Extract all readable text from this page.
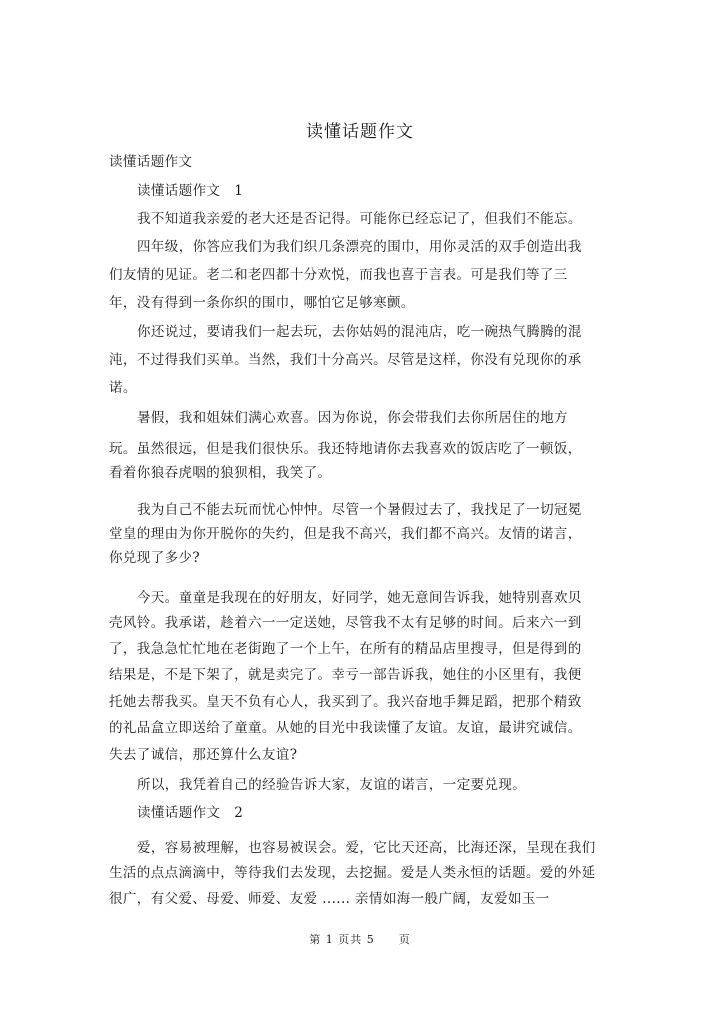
读懂话题作文
读懂话题作文
读懂话题作文　1
我不知道我亲爱的老大还是否记得。可能你已经忘记了，但我们不能忘。
四年级，你答应我们为我们织几条漂亮的围巾，用你灵活的双手创造出我
们友情的见证。老二和老四都十分欢悦，而我也喜于言表。可是我们等了三
年，没有得到一条你织的围巾，哪怕它足够寒颤。
你还说过，要请我们一起去玩，去你姑妈的混沌店，吃一碗热气腾腾的混
沌，不过得我们买单。当然，我们十分高兴。尽管是这样，你没有兑现你的承
诺。
暑假，我和姐妹们满心欢喜。因为你说，你会带我们去你所居住的地方
玩。虽然很远，但是我们很快乐。我还特地请你去我喜欢的饭店吃了一顿饭，
看着你狼吞虎咽的狼狈相，我笑了。
我为自己不能去玩而忧心忡忡。尽管一个暑假过去了，我找足了一切冠冕
堂皇的理由为你开脱你的失约，但是我不高兴，我们都不高兴。友情的诺言，
你兑现了多少?
今天。童童是我现在的好朋友，好同学，她无意间告诉我，她特别喜欢贝
壳风铃。我承诺，趁着六一一定送她，尽管我不太有足够的时间。后来六一到
了，我急急忙忙地在老街跑了一个上午，在所有的精品店里搜寻，但是得到的
结果是，不是下架了，就是卖完了。幸亏一部告诉我，她住的小区里有，我便
托她去帮我买。皇天不负有心人，我买到了。我兴奋地手舞足蹈，把那个精致
的礼品盒立即送给了童童。从她的目光中我读懂了友谊。友谊，最讲究诚信。
失去了诚信，那还算什么友谊?
所以，我凭着自己的经验告诉大家，友谊的诺言，一定要兑现。
读懂话题作文　2
爱，容易被理解，也容易被误会。爱，它比天还高，比海还深，呈现在我们
生活的点点滴滴中，等待我们去发现，去挖掘。爱是人类永恒的话题。爱的外延
很广，有父爱、母爱、师爱、友爱 ...... 亲情如海一般广阔，友爱如玉一
第 1 页共 5　　页
